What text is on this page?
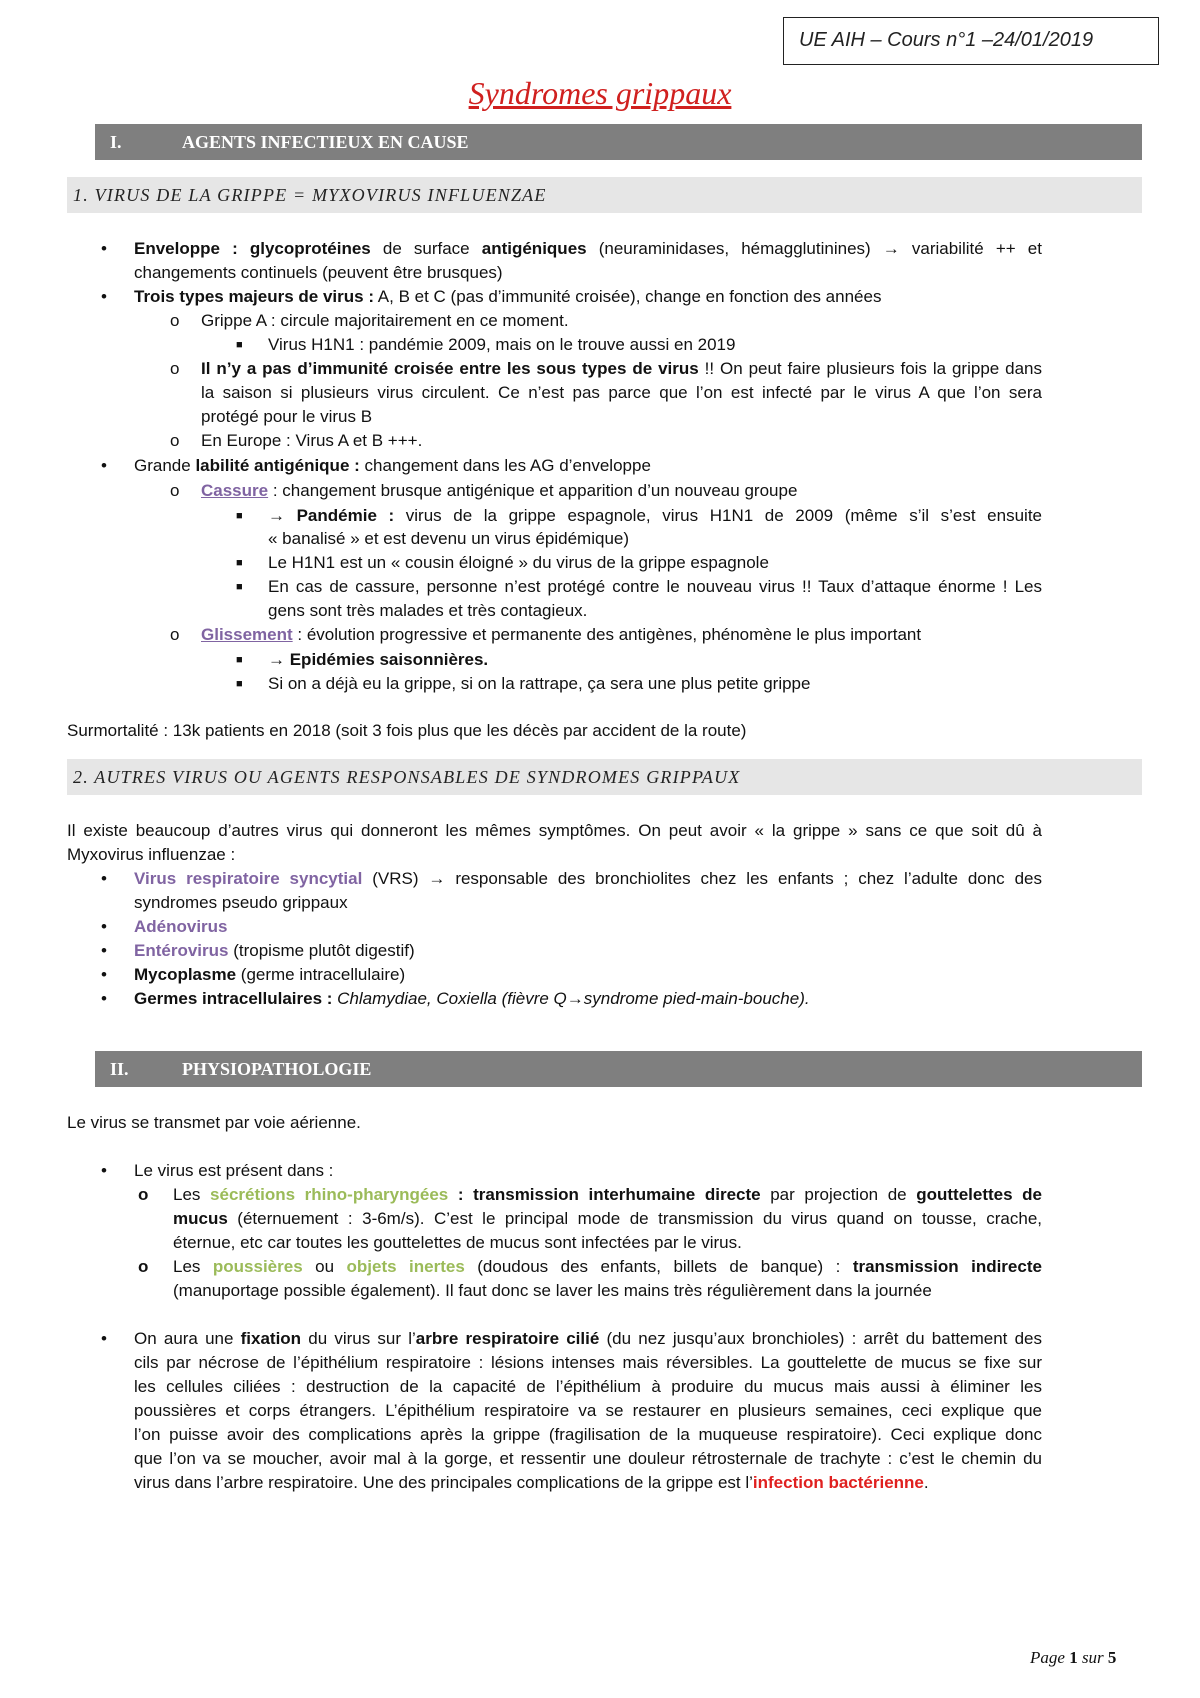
UE AIH – Cours n°1 –24/01/2019
Syndromes grippaux
I.	AGENTS INFECTIEUX EN CAUSE
1. VIRUS DE LA GRIPPE = MYXOVIRUS INFLUENZAE
• Enveloppe : glycoprotéines de surface antigéniques (neuraminidases, hémagglutinines) → variabilité ++ et
changements continuels (peuvent être brusques)
• Trois types majeurs de virus : A, B et C (pas d’immunité croisée), change en fonction des années
o Grippe A : circule majoritairement en ce moment.
■ Virus H1N1 : pandémie 2009, mais on le trouve aussi en 2019
o Il n’y a pas d’immunité croisée entre les sous types de virus !! On peut faire plusieurs fois la grippe dans
la saison si plusieurs virus circulent. Ce n’est pas parce que l’on est infecté par le virus A que l’on sera
protégé pour le virus B
o En Europe : Virus A et B +++.
• Grande labilité antigénique : changement dans les AG d’enveloppe
o Cassure : changement brusque antigénique et apparition d’un nouveau groupe
■ → Pandémie : virus de la grippe espagnole, virus H1N1 de 2009 (même s’il s’est ensuite
« banalisé » et est devenu un virus épidémique)
■ Le H1N1 est un « cousin éloigné » du virus de la grippe espagnole
■ En cas de cassure, personne n’est protégé contre le nouveau virus !! Taux d’attaque énorme ! Les
gens sont très malades et très contagieux.
o Glissement : évolution progressive et permanente des antigènes, phénomène le plus important
■ → Epidémies saisonnières.
■ Si on a déjà eu la grippe, si on la rattrape, ça sera une plus petite grippe
Surmortalité : 13k patients en 2018 (soit 3 fois plus que les décès par accident de la route)
2. AUTRES VIRUS OU AGENTS RESPONSABLES DE SYNDROMES GRIPPAUX
Il existe beaucoup d’autres virus qui donneront les mêmes symptômes. On peut avoir « la grippe » sans ce que soit dû à
Myxovirus influenzae :
• Virus respiratoire syncytial (VRS) → responsable des bronchiolites chez les enfants ; chez l’adulte donc des
syndromes pseudo grippaux
• Adénovirus
• Entérovirus (tropisme plutôt digestif)
• Mycoplasme (germe intracellulaire)
• Germes intracellulaires : Chlamydiae, Coxiella (fièvre Q→syndrome pied-main-bouche).
II.	PHYSIOPATHOLOGIE
Le virus se transmet par voie aérienne.
• Le virus est présent dans :
o Les sécrétions rhino-pharyngées : transmission interhumaine directe par projection de gouttelettes de
mucus (éternuement : 3-6m/s). C’est le principal mode de transmission du virus quand on tousse, crache,
éternue, etc car toutes les gouttelettes de mucus sont infectées par le virus.
o Les poussières ou objets inertes (doudous des enfants, billets de banque) : transmission indirecte
(manuportage possible également). Il faut donc se laver les mains très régulièrement dans la journée
• On aura une fixation du virus sur l’arbre respiratoire cilié (du nez jusqu’aux bronchioles) : arrêt du battement des
cils par nécrose de l’épithélium respiratoire : lésions intenses mais réversibles. La gouttelette de mucus se fixe sur
les cellules ciliées : destruction de la capacité de l’épithélium à produire du mucus mais aussi à éliminer les
poussières et corps étrangers. L’épithélium respiratoire va se restaurer en plusieurs semaines, ceci explique que
l’on puisse avoir des complications après la grippe (fragilisation de la muqueuse respiratoire). Ceci explique donc
que l’on va se moucher, avoir mal à la gorge, et ressentir une douleur rétrosternale de trachyte : c’est le chemin du
virus dans l’arbre respiratoire. Une des principales complications de la grippe est l’infection bactérienne.
Page 1 sur 5
